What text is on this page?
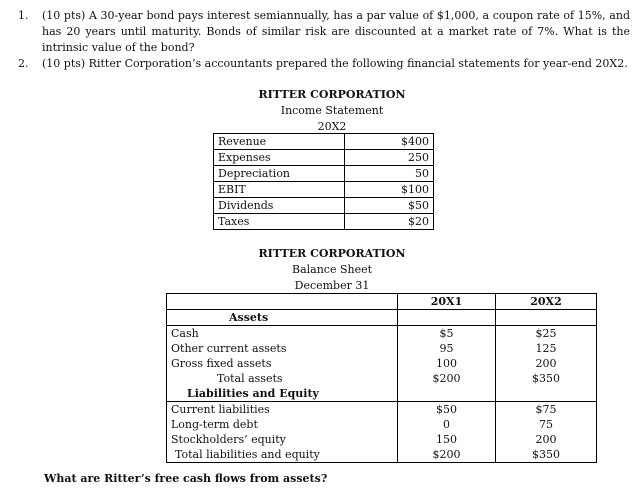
1. (10 pts) A 30-year bond pays interest semiannually, has a par value of $1,000, a coupon rate of 15%, and has 20 years until maturity. Bonds of similar risk are discounted at a market rate of 7%. What is the intrinsic value of the bond?
2. (10 pts) Ritter Corporation’s accountants prepared the following financial statements for year-end 20X2.
RITTER CORPORATION
Income Statement
20X2
Revenue	$400
Expenses	250
Depreciation	50
EBIT	$100
Dividends	$50
Taxes	$20
RITTER CORPORATION
Balance Sheet
December 31
	20X1	20X2
Assets		
Cash	$5	$25
Other current assets	95	125
Gross fixed assets	100	200
Total assets	$200	$350
Liabilities and Equity		
Current liabilities	$50	$75
Long-term debt	0	75
Stockholders’ equity	150	200
Total liabilities and equity	$200	$350
What are Ritter’s free cash flows from assets?
